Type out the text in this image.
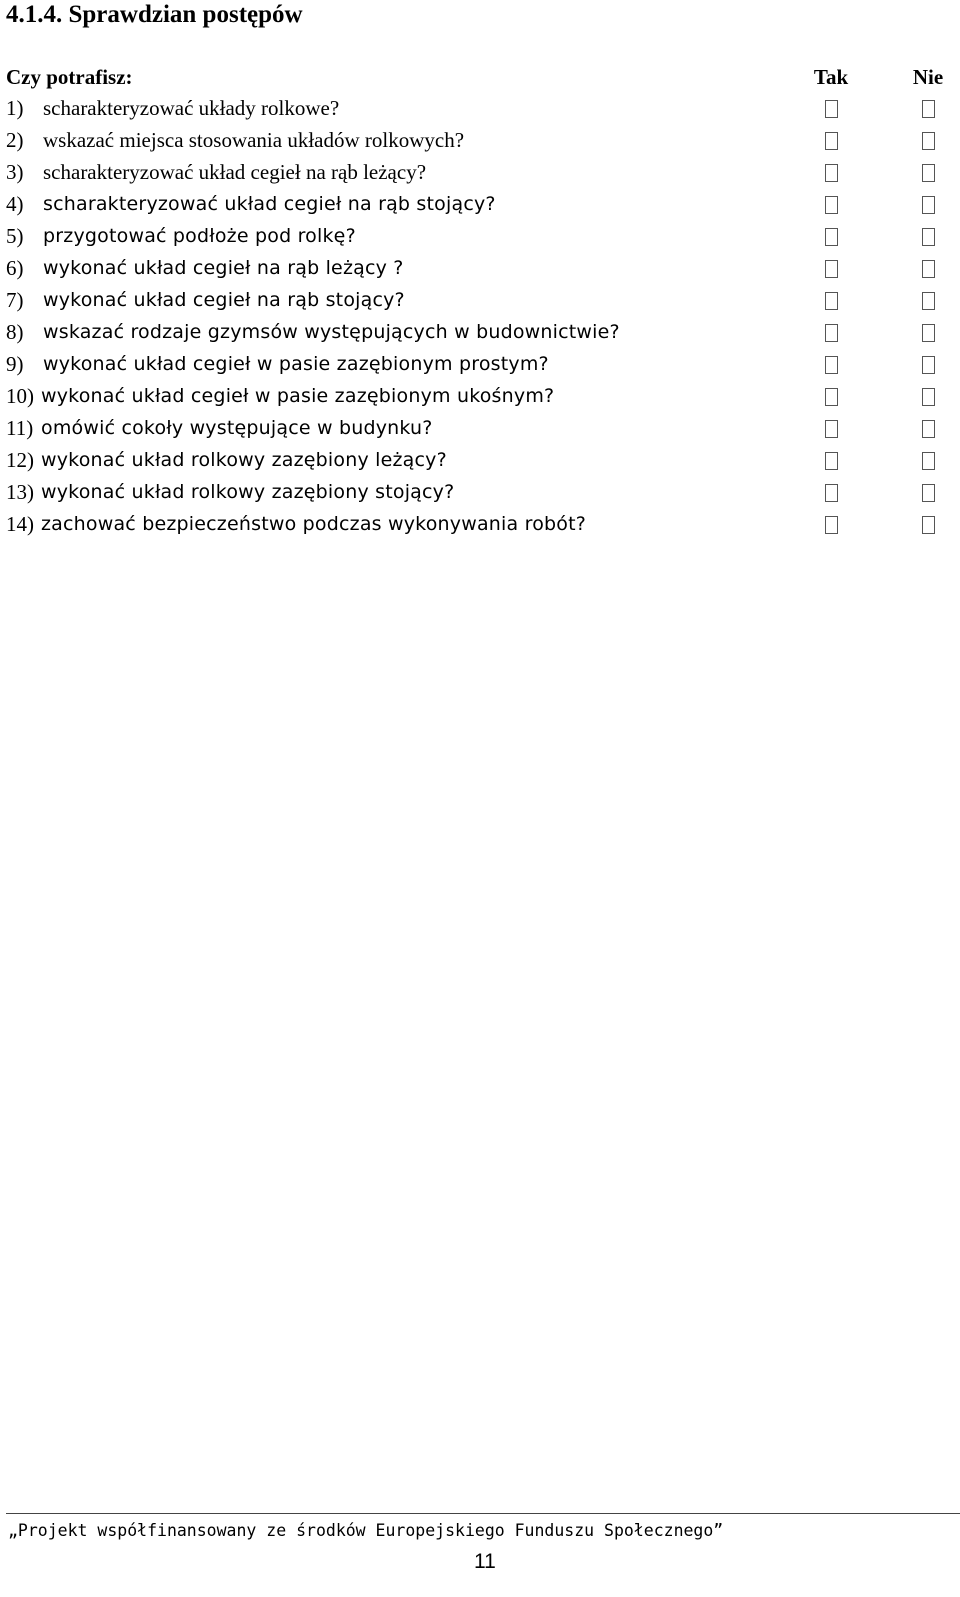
4.1.4. Sprawdzian postępów
Czy potrafisz:	Tak	Nie
1) scharakteryzować układy rolkowe?
2) wskazać miejsca stosowania układów rolkowych?
3) scharakteryzować układ cegieł na rąb leżący?
4)	scharakteryzować układ cegieł na rąb stojący?
5)	przygotować podłoże pod rolkę?
6)	wykonać układ cegieł na rąb leżący ?
7)	wykonać układ cegieł na rąb stojący?
8)	wskazać rodzaje gzymsów występujących w budownictwie?
9)	wykonać układ cegieł w pasie zazębionym prostym?
10) wykonać układ cegieł w pasie zazębionym ukośnym?
11) omówić cokoły występujące w budynku?
12) wykonać układ rolkowy zazębiony leżący?
13) wykonać układ rolkowy zazębiony stojący?
14) zachować bezpieczeństwo podczas wykonywania robót?

„Projekt współfinansowany ze środków Europejskiego Funduszu Społecznego”

11
